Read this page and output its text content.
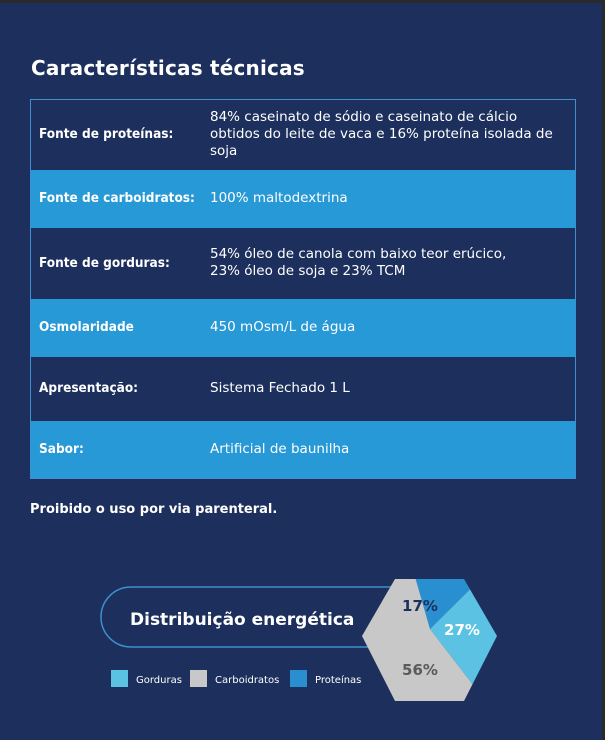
Características técnicas
Fonte de proteínas:	84% caseinato de sódio e caseinato de cálcio
obtidos do leite de vaca e 16% proteína isolada de soja

Fonte de carboidratos:	100% maltodextrina

Fonte de gorduras:	54% óleo de canola com baixo teor erúcico,
23% óleo de soja e 23% TCM

Osmolaridade	450 mOsm/L de água

Apresentação:	Sistema Fechado 1 L

Sabor:	Artificial de baunilha
Proibido o uso por via parenteral.
Distribuição energética
17%
27%
56%
Gorduras	Carboidratos	Proteínas
